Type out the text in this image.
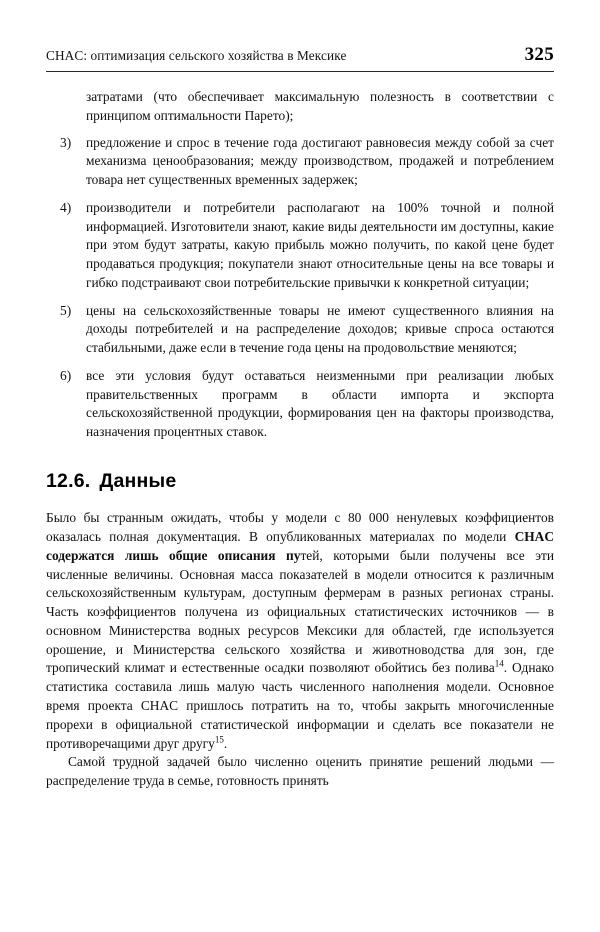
CHAC: оптимизация сельского хозяйства в Мексике	325

затратами (что обеспечивает максимальную полезность в соответствии с принципом оптимальности Парето);

3)	предложение и спрос в течение года достигают равновесия между собой за счет механизма ценообразования; между производством, продажей и потреблением товара нет существенных временных задержек;
4)	производители и потребители располагают на 100% точной и полной информацией. Изготовители знают, какие виды деятельности им доступны, какие при этом будут затраты, какую прибыль можно получить, по какой цене будет продаваться продукция; покупатели знают относительные цены на все товары и гибко подстраивают свои потребительские привычки к конкретной ситуации;
5)	цены на сельскохозяйственные товары не имеют существенного влияния на доходы потребителей и на распределение доходов; кривые спроса остаются стабильными, даже если в течение года цены на продовольствие меняются;
6)	все эти условия будут оставаться неизменными при реализации любых правительственных программ в области импорта и экспорта сельскохозяйственной продукции, формирования цен на факторы производства, назначения процентных ставок.
12.6. Данные

Было бы странным ожидать, чтобы у модели с 80 000 ненулевых коэффициентов оказалась полная документация. В опубликованных материалах по модели CHAC содержатся лишь общие описания путей, которыми были получены все эти численные величины. Основная масса показателей в модели относится к различным сельскохозяйственным культурам, доступным фермерам в разных регионах страны. Часть коэффициентов получена из официальных статистических источников — в основном Министерства водных ресурсов Мексики для областей, где используется орошение, и Министерства сельского хозяйства и животноводства для зон, где тропический климат и естественные осадки позволяют обойтись без полива$^{14}$. Однако статистика составила лишь малую часть численного наполнения модели. Основное время проекта CHAC пришлось потратить на то, чтобы закрыть многочисленные прорехи в официальной статистической информации и сделать все показатели не противоречащими друг другу$^{15}$.

Самой трудной задачей было численно оценить принятие решений людьми — распределение труда в семье, готовность принять
